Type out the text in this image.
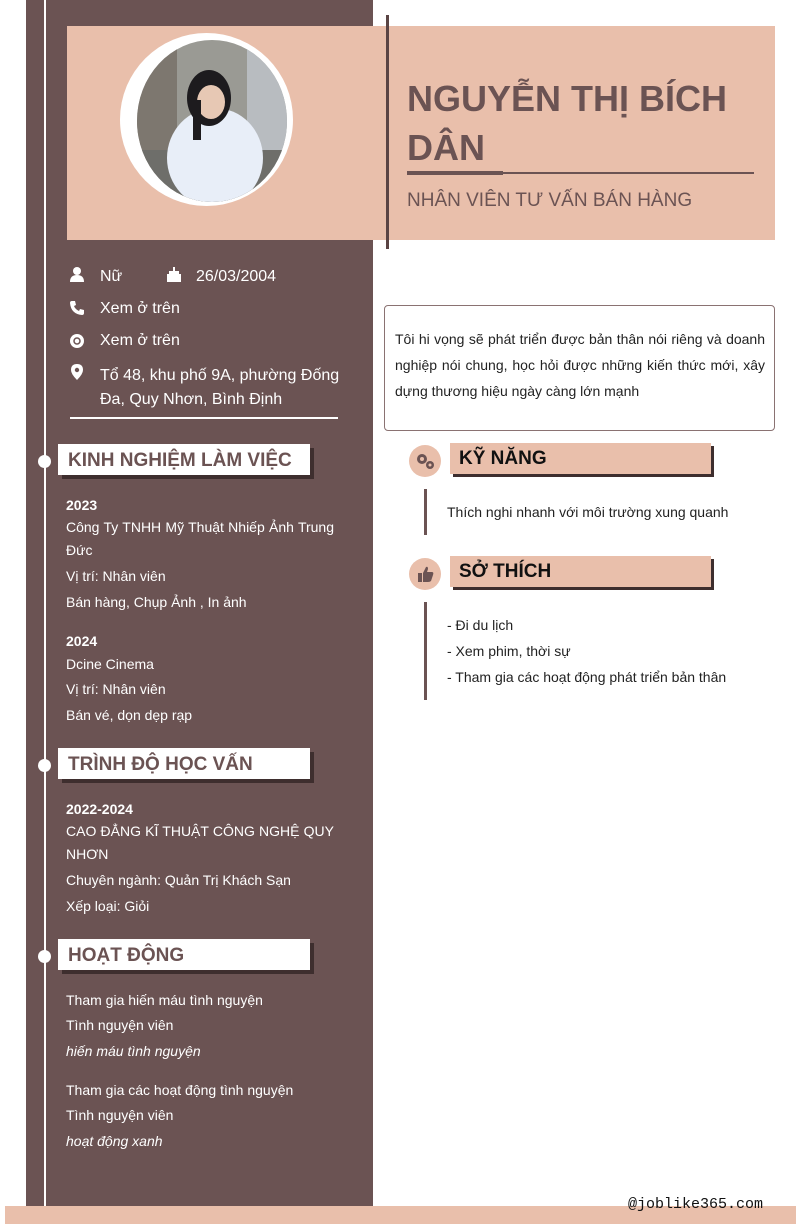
NGUYỄN THỊ BÍCH
DÂN
NHÂN VIÊN TƯ VẤN BÁN HÀNG
Nữ	26/03/2004
Xem ở trên
Xem ở trên
Tổ 48, khu phố 9A, phường Đống Đa, Quy Nhơn, Bình Định
KINH NGHIỆM LÀM VIỆC
2023
Công Ty TNHH Mỹ Thuật Nhiếp Ảnh Trung Đức
Vị trí: Nhân viên
Bán hàng, Chụp Ảnh , In ảnh
2024
Dcine Cinema
Vị trí: Nhân viên
Bán vé, dọn dẹp rạp
TRÌNH ĐỘ HỌC VẤN
2022-2024
CAO ĐẲNG KĨ THUẬT CÔNG NGHỆ QUY NHƠN
Chuyên ngành: Quản Trị Khách Sạn
Xếp loại: Giỏi
HOẠT ĐỘNG
Tham gia hiến máu tình nguyện
Tình nguyện viên
hiến máu tình nguyện
Tham gia các hoạt động tình nguyện
Tình nguyện viên
hoạt động xanh
Tôi hi vọng sẽ phát triển được bản thân nói riêng và doanh nghiệp nói chung, học hỏi được những kiến thức mới, xây dựng thương hiệu ngày càng lớn mạnh
KỸ NĂNG
Thích nghi nhanh với môi trường xung quanh
SỞ THÍCH
- Đi du lịch
- Xem phim, thời sự
- Tham gia các hoạt động phát triển bản thân
@joblike365.com
